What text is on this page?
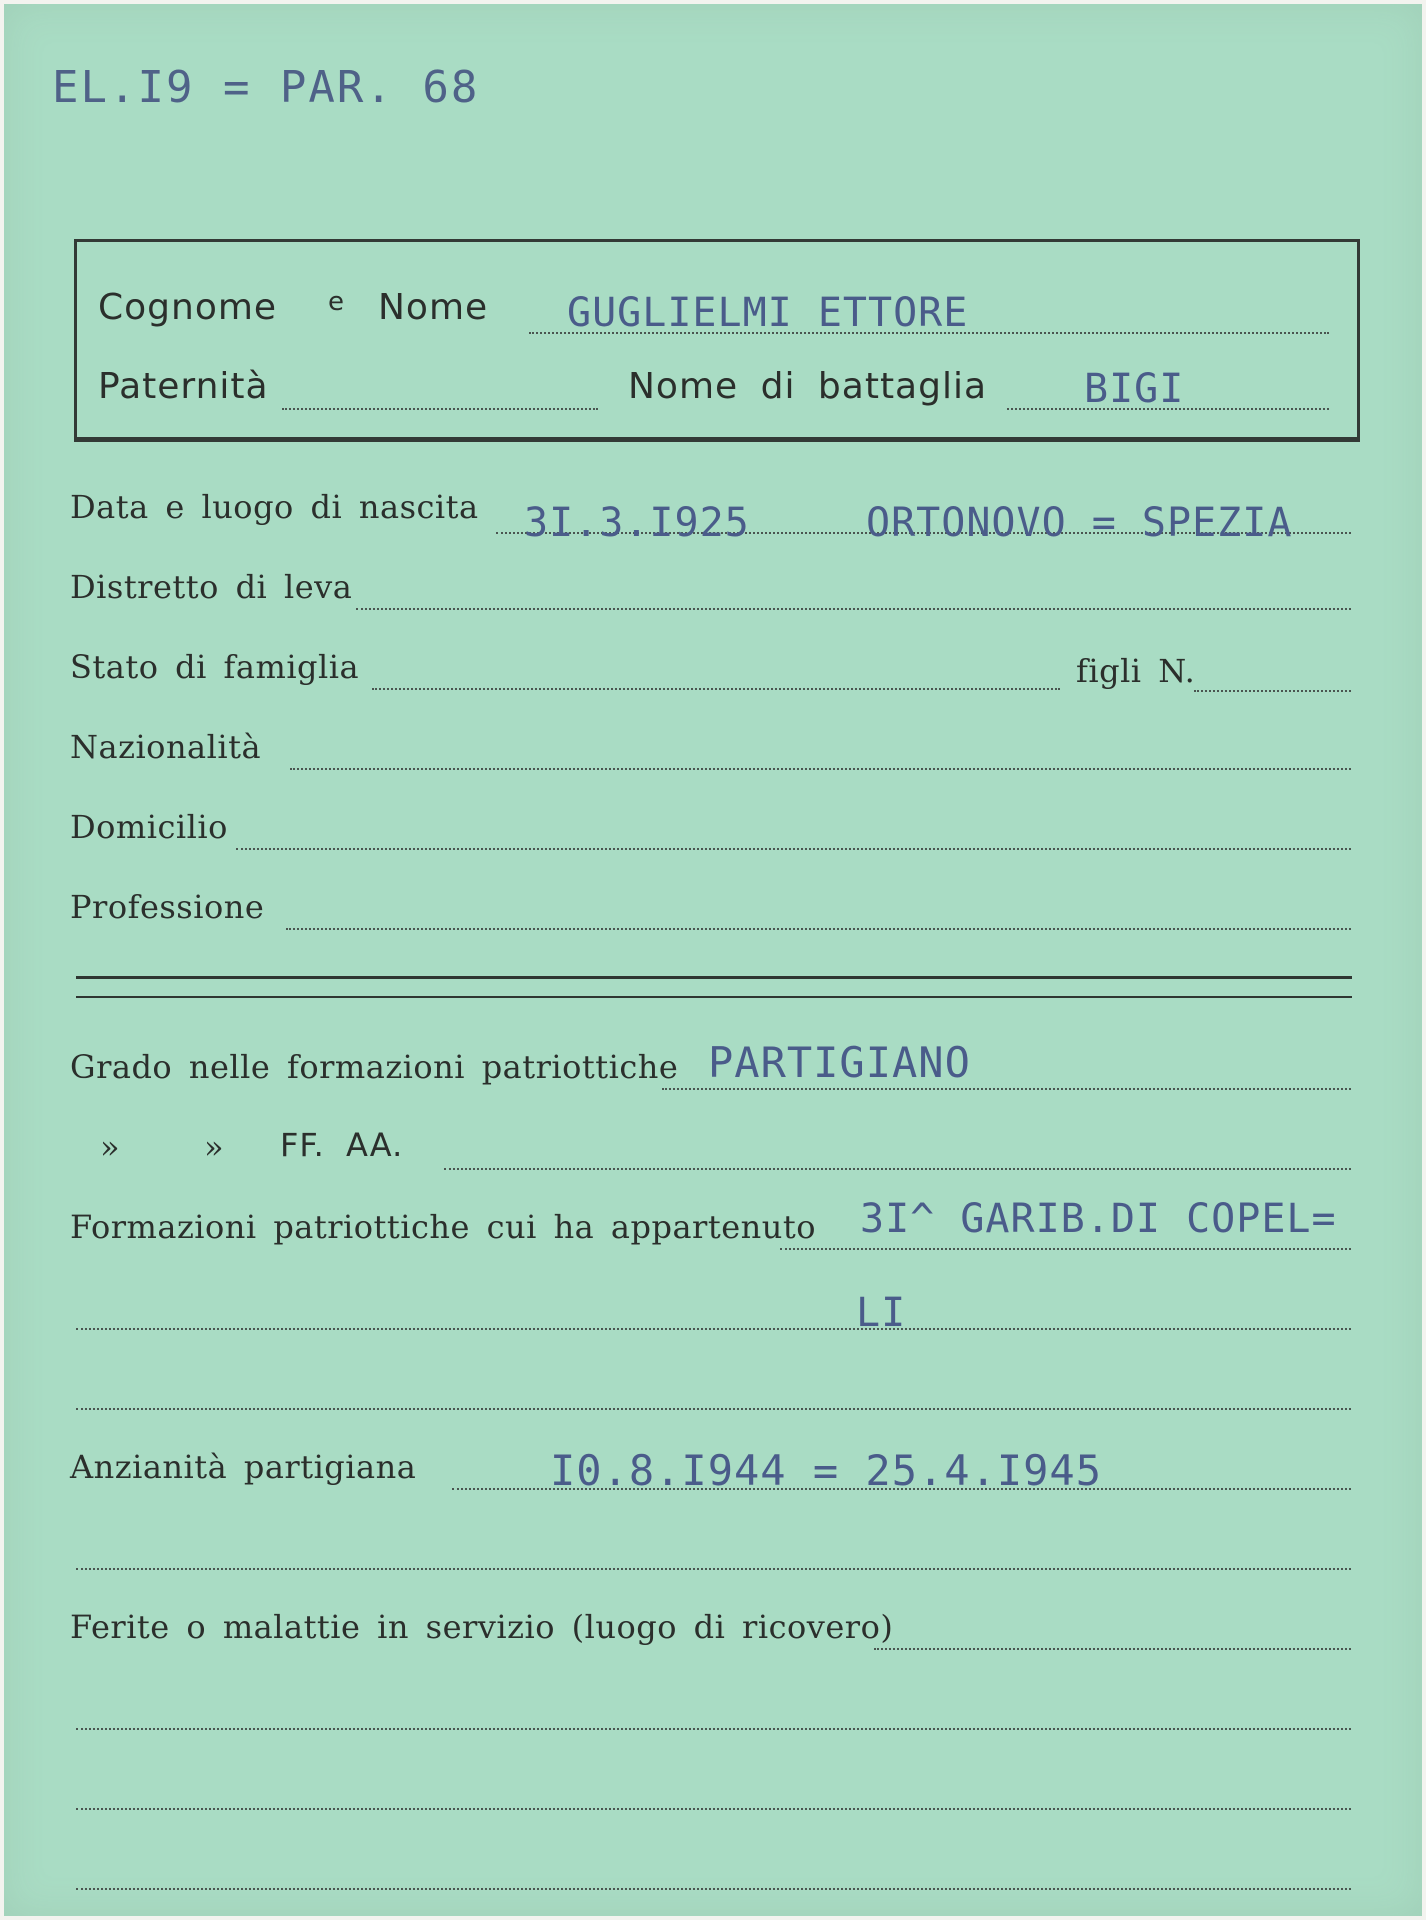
EL.I9 = PAR. 68
Cognome e Nome GUGLIELMI ETTORE
Paternità	Nome di battaglia BIGI
Data e luogo di nascita 3I.3.I925	ORTONOVO = SPEZIA
Distretto di leva
Stato di famiglia	figli N.
Nazionalità
Domicilio
Professione
Grado nelle formazioni patriottiche PARTIGIANO
»	» FF. AA.
Formazioni patriottiche cui ha appartenuto 3I^ GARIB.DI COPEL=
LI
Anzianità partigiana	I0.8.I944 = 25.4.I945
Ferite o malattie in servizio (luogo di ricovero)
